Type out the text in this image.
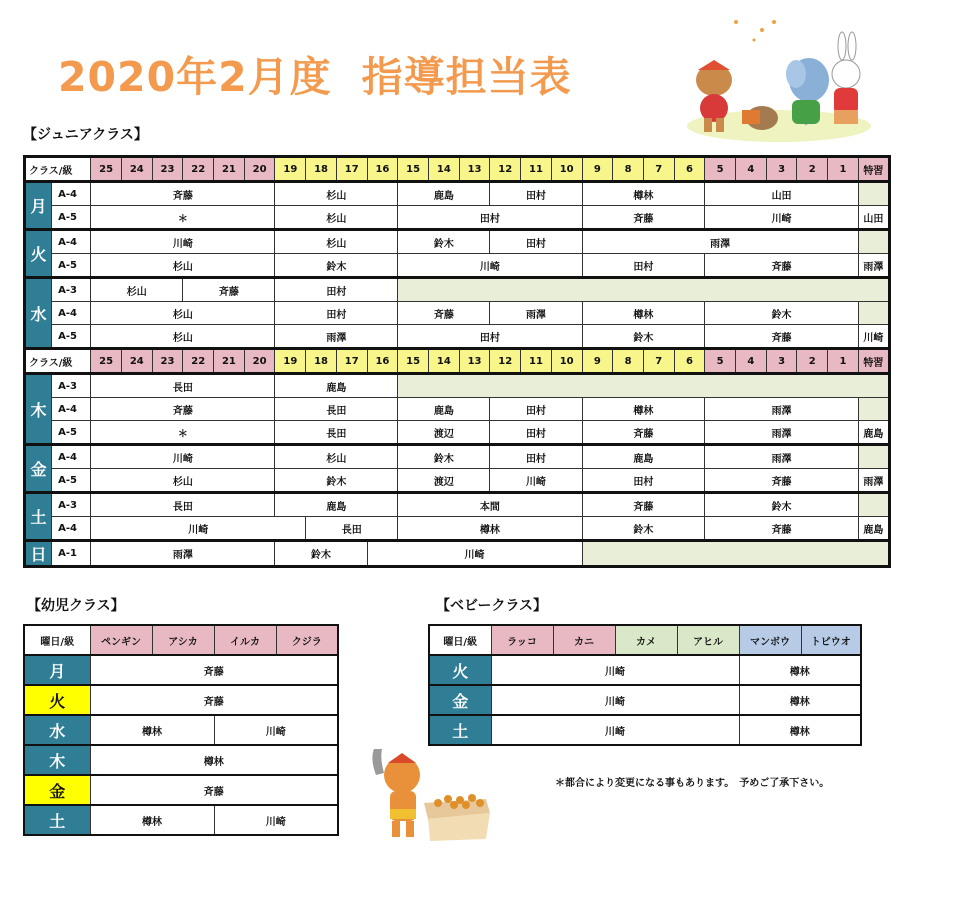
2020年2月度 指導担当表
【ジュニアクラス】
クラス/級		25	24	23	22	21	20	19	18	17	16	15	14	13	12	11	10	9	8	7	6	5	4	3	2	1	特習
月	A-4	斉藤						杉山				鹿島			田村			樽林				山田					
	A-5	＊						杉山				田村						斉藤				川崎					山田
火	A-4	川崎						杉山				鈴木			田村			雨澤									
	A-5	杉山						鈴木				川崎						田村				斉藤					雨澤
水	A-3	杉山			斉藤			田村																			
	A-4	杉山						田村				斉藤			雨澤			樽林				鈴木					
	A-5	杉山						雨澤				田村						鈴木				斉藤					川崎
クラス/級		25	24	23	22	21	20	19	18	17	16	15	14	13	12	11	10	9	8	7	6	5	4	3	2	1	特習
木	A-3	長田						鹿島																			
	A-4	斉藤						長田				鹿島			田村			樽林				雨澤					
	A-5	＊						長田				渡辺			田村			斉藤				雨澤					鹿島
金	A-4	川崎						杉山				鈴木			田村			鹿島				雨澤					
	A-5	杉山						鈴木				渡辺			川崎			田村				斉藤					雨澤
土	A-3	長田						鹿島				本間						斉藤				鈴木					
	A-4	川崎							長田			樽林						鈴木				斉藤					鹿島
日	A-1	雨澤						鈴木			川崎																
【幼児クラス】
曜日/級	ペンギン	アシカ	イルカ	クジラ
月	斉藤			
火	斉藤			
水	樽林		川崎	
木	樽林			
金	斉藤			
土	樽林		川崎	
【ベビークラス】
曜日/級	ラッコ	カニ	カメ	アヒル	マンボウ	トビウオ
火	川崎				樽林	
金	川崎				樽林	
土	川崎				樽林	
＊都合により変更になる事もあります。　予めご了承下さい。
